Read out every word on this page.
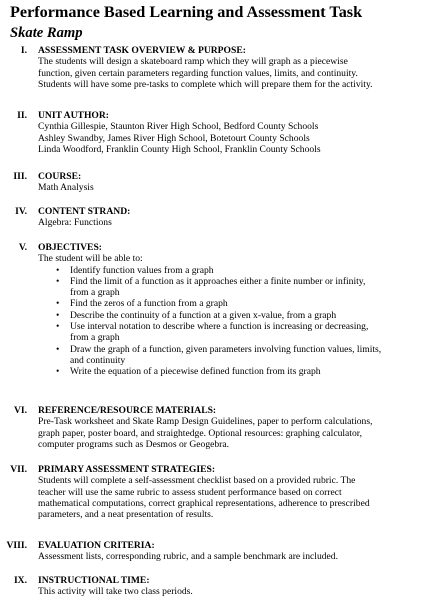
Performance Based Learning and Assessment Task
Skate Ramp
I. ASSESSMENT TASK OVERVIEW & PURPOSE:
The students will design a skateboard ramp which they will graph as a piecewise
function, given certain parameters regarding function values, limits, and continuity.
Students will have some pre-tasks to complete which will prepare them for the activity.
II. UNIT AUTHOR:
Cynthia Gillespie, Staunton River High School, Bedford County Schools
Ashley Swandby, James River High School, Botetourt County Schools
Linda Woodford, Franklin County High School, Franklin County Schools
III. COURSE:
Math Analysis
IV. CONTENT STRAND:
Algebra: Functions
V. OBJECTIVES:
The student will be able to:
• Identify function values from a graph
• Find the limit of a function as it approaches either a finite number or infinity,
from a graph
• Find the zeros of a function from a graph
• Describe the continuity of a function at a given x-value, from a graph
• Use interval notation to describe where a function is increasing or decreasing,
from a graph
• Draw the graph of a function, given parameters involving function values, limits,
and continuity
• Write the equation of a piecewise defined function from its graph
VI. REFERENCE/RESOURCE MATERIALS:
Pre-Task worksheet and Skate Ramp Design Guidelines, paper to perform calculations,
graph paper, poster board, and straightedge. Optional resources: graphing calculator,
computer programs such as Desmos or Geogebra.
VII. PRIMARY ASSESSMENT STRATEGIES:
Students will complete a self-assessment checklist based on a provided rubric. The
teacher will use the same rubric to assess student performance based on correct
mathematical computations, correct graphical representations, adherence to prescribed
parameters, and a neat presentation of results.
VIII. EVALUATION CRITERIA:
Assessment lists, corresponding rubric, and a sample benchmark are included.
IX. INSTRUCTIONAL TIME:
This activity will take two class periods.
